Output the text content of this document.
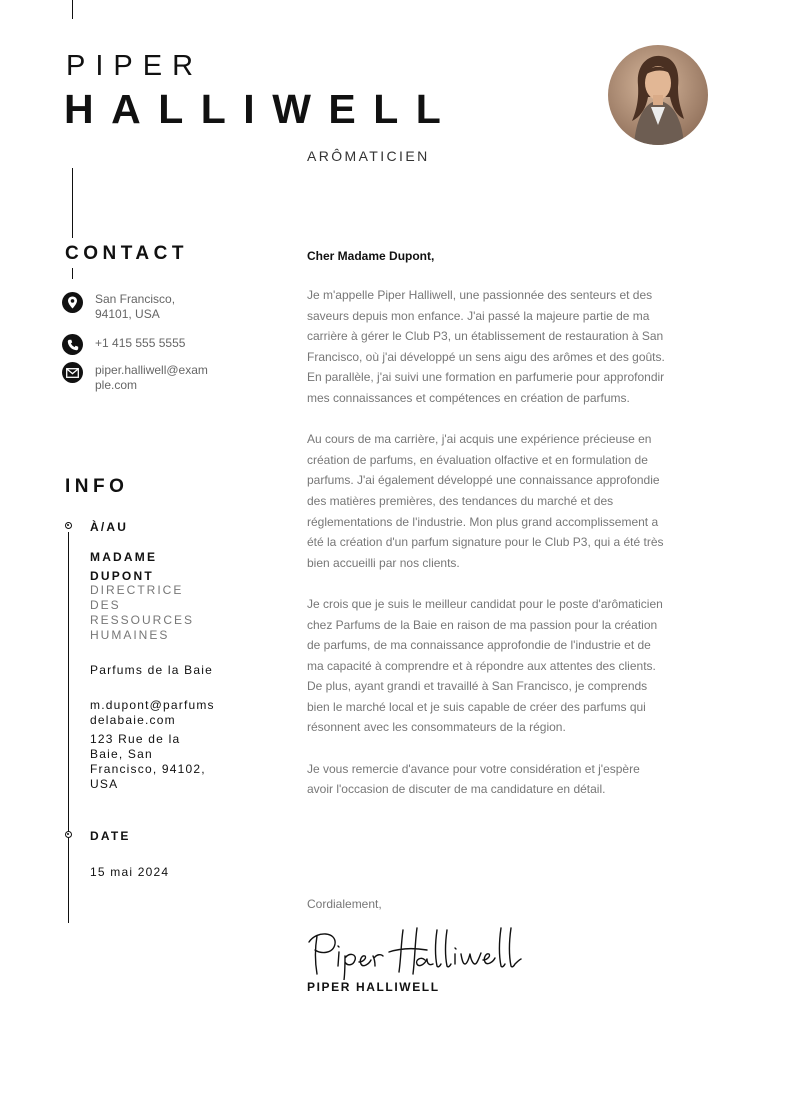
PIPER
HALLIWELL
ARÔMATICIEN
CONTACT
San Francisco, 94101, USA
+1 415 555 5555
piper.halliwell@example.com
INFO
À/AU
MADAME
DUPONT
DIRECTRICE DES RESSOURCES HUMAINES
Parfums de la Baie
m.dupont@parfumsdelabaie.com
123 Rue de la Baie, San Francisco, 94102, USA
DATE
15 mai 2024
Cher Madame Dupont,

Je m'appelle Piper Halliwell, une passionnée des senteurs et des saveurs depuis mon enfance. J'ai passé la majeure partie de ma carrière à gérer le Club P3, un établissement de restauration à San Francisco, où j'ai développé un sens aigu des arômes et des goûts. En parallèle, j'ai suivi une formation en parfumerie pour approfondir mes connaissances et compétences en création de parfums.

Au cours de ma carrière, j'ai acquis une expérience précieuse en création de parfums, en évaluation olfactive et en formulation de parfums. J'ai également développé une connaissance approfondie des matières premières, des tendances du marché et des réglementations de l'industrie. Mon plus grand accomplissement a été la création d'un parfum signature pour le Club P3, qui a été très bien accueilli par nos clients.

Je crois que je suis le meilleur candidat pour le poste d'arômaticien chez Parfums de la Baie en raison de ma passion pour la création de parfums, de ma connaissance approfondie de l'industrie et de ma capacité à comprendre et à répondre aux attentes des clients. De plus, ayant grandi et travaillé à San Francisco, je comprends bien le marché local et je suis capable de créer des parfums qui résonnent avec les consommateurs de la région.

Je vous remercie d'avance pour votre considération et j'espère avoir l'occasion de discuter de ma candidature en détail.

Cordialement,
PIPER HALLIWELL
